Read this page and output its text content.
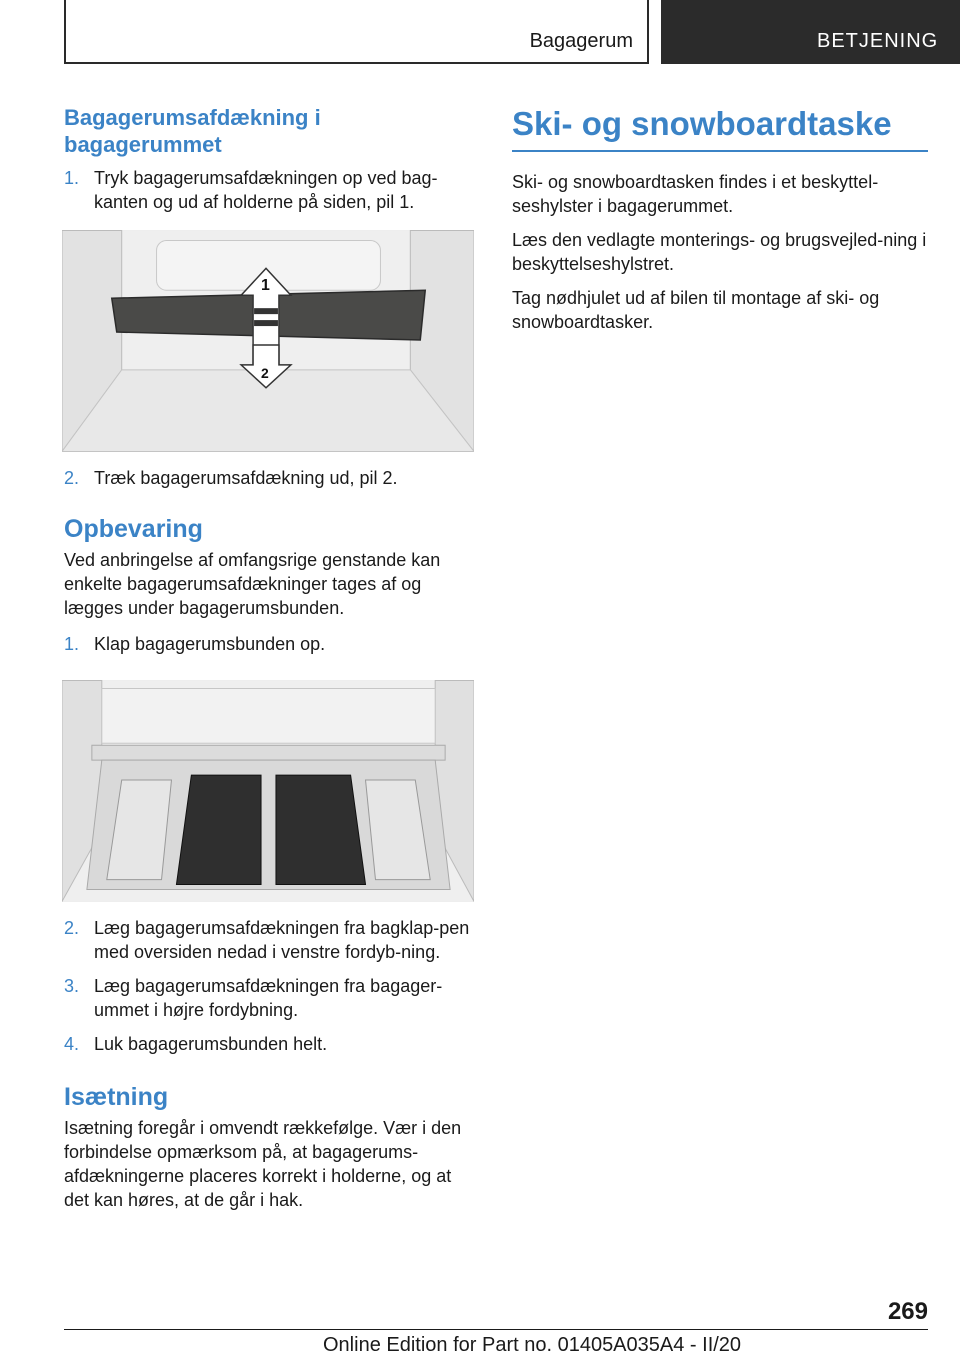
Bagagerum	BETJENING
Bagagerumsafdækning i bagagerummet
1. Tryk bagagerumsafdækningen op ved bag-kanten og ud af holderne på siden, pil 1.
1
2
2. Træk bagagerumsafdækning ud, pil 2.
Opbevaring

Ved anbringelse af omfangsrige genstande kan enkelte bagagerumsafdækninger tages af og lægges under bagagerumsbunden.

1. Klap bagagerumsbunden op.
2. Læg bagagerumsafdækningen fra bagklap-pen med oversiden nedad i venstre fordyb-ning.
3. Læg bagagerumsafdækningen fra bagager-ummet i højre fordybning.
4. Luk bagagerumsbunden helt.
Isætning

Isætning foregår i omvendt rækkefølge. Vær i den forbindelse opmærksom på, at bagagerums-afdækningerne placeres korrekt i holderne, og at det kan høres, at de går i hak.

Ski- og snowboardtaske

Ski- og snowboardtasken findes i et beskyttel-seshylster i bagagerummet.

Læs den vedlagte monterings- og brugsvejled-ning i beskyttelseshylstret.

Tag nødhjulet ud af bilen til montage af ski- og snowboardtasker.

269
Online Edition for Part no. 01405A035A4 - II/20
